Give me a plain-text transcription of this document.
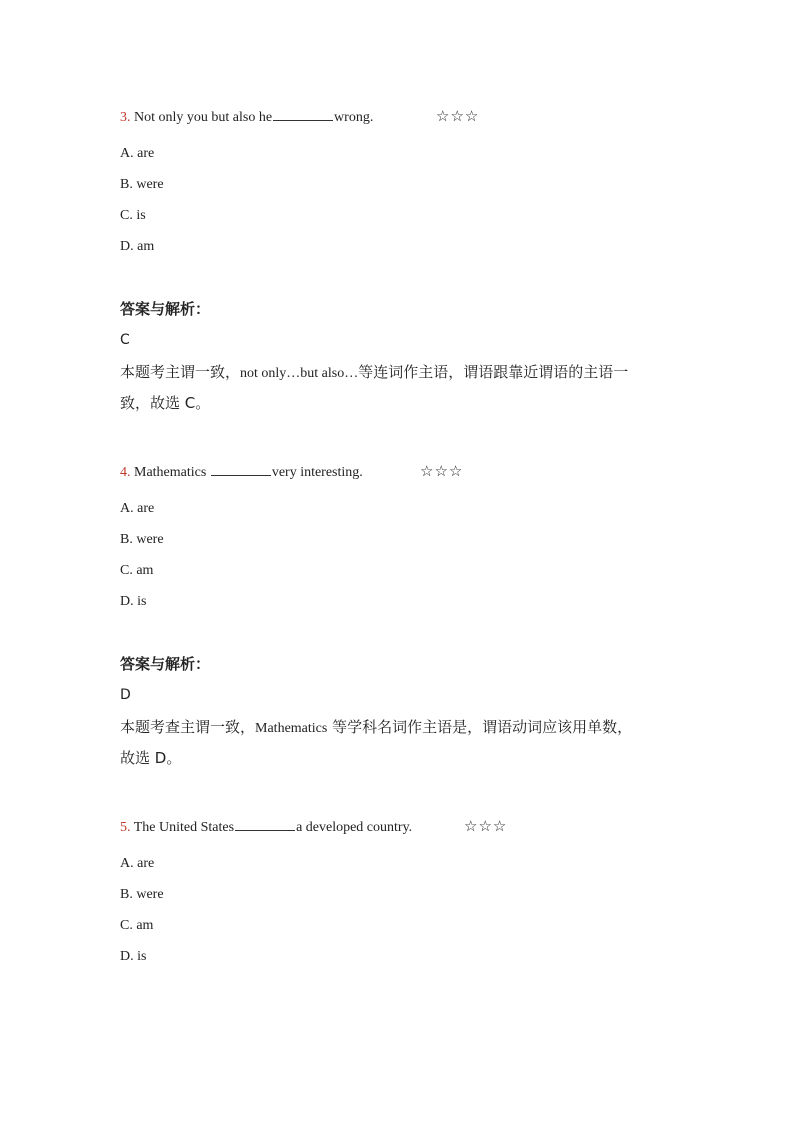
3. Not only you but also he	wrong.	☆☆☆
A. are
B. were
C. is
D. am
答案与解析：
C
本题考主谓一致，not only…but also…等连词作主语，谓语跟靠近谓语的主语一
致，故选 C。
4. Mathematics	very interesting.	☆☆☆
A. are
B. were
C. am
D. is
答案与解析：
D
本题考查主谓一致，Mathematics 等学科名词作主语是，谓语动词应该用单数，
故选 D。
5. The United States	a developed country.	☆☆☆
A. are
B. were
C. am
D. is
